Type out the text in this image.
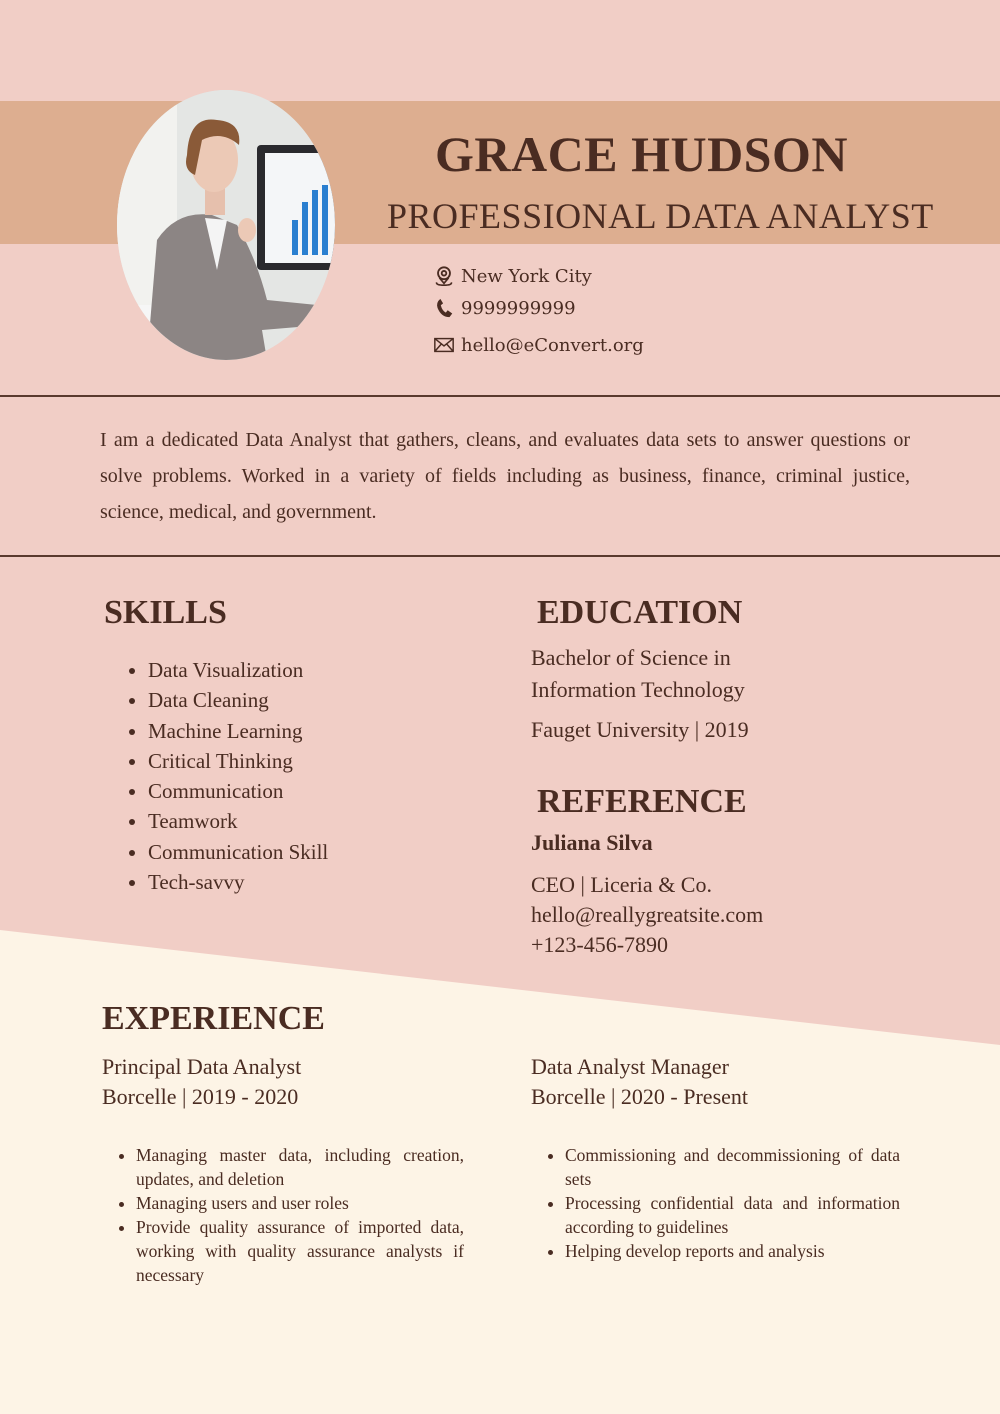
GRACE HUDSON
PROFESSIONAL DATA ANALYST
New York City
9999999999
hello@eConvert.org

I am a dedicated Data Analyst that gathers, cleans, and evaluates data sets to answer questions or solve problems. Worked in a variety of fields including as business, finance, criminal justice, science, medical, and government.

SKILLS
• Data Visualization
• Data Cleaning
• Machine Learning
• Critical Thinking
• Communication
• Teamwork
• Communication Skill
• Tech-savvy
EDUCATION
Bachelor of Science in
Information Technology
Fauget University | 2019
REFERENCE
Juliana Silva
CEO | Liceria & Co.
hello@reallygreatsite.com
+123-456-7890
EXPERIENCE
Principal Data Analyst
Borcelle | 2019 - 2020
• Managing master data, including creation, updates, and deletion
• Managing users and user roles
• Provide quality assurance of imported data, working with quality assurance analysts if necessary
Data Analyst Manager
Borcelle | 2020 - Present
• Commissioning and decommissioning of data sets
• Processing confidential data and information according to guidelines
• Helping develop reports and analysis
